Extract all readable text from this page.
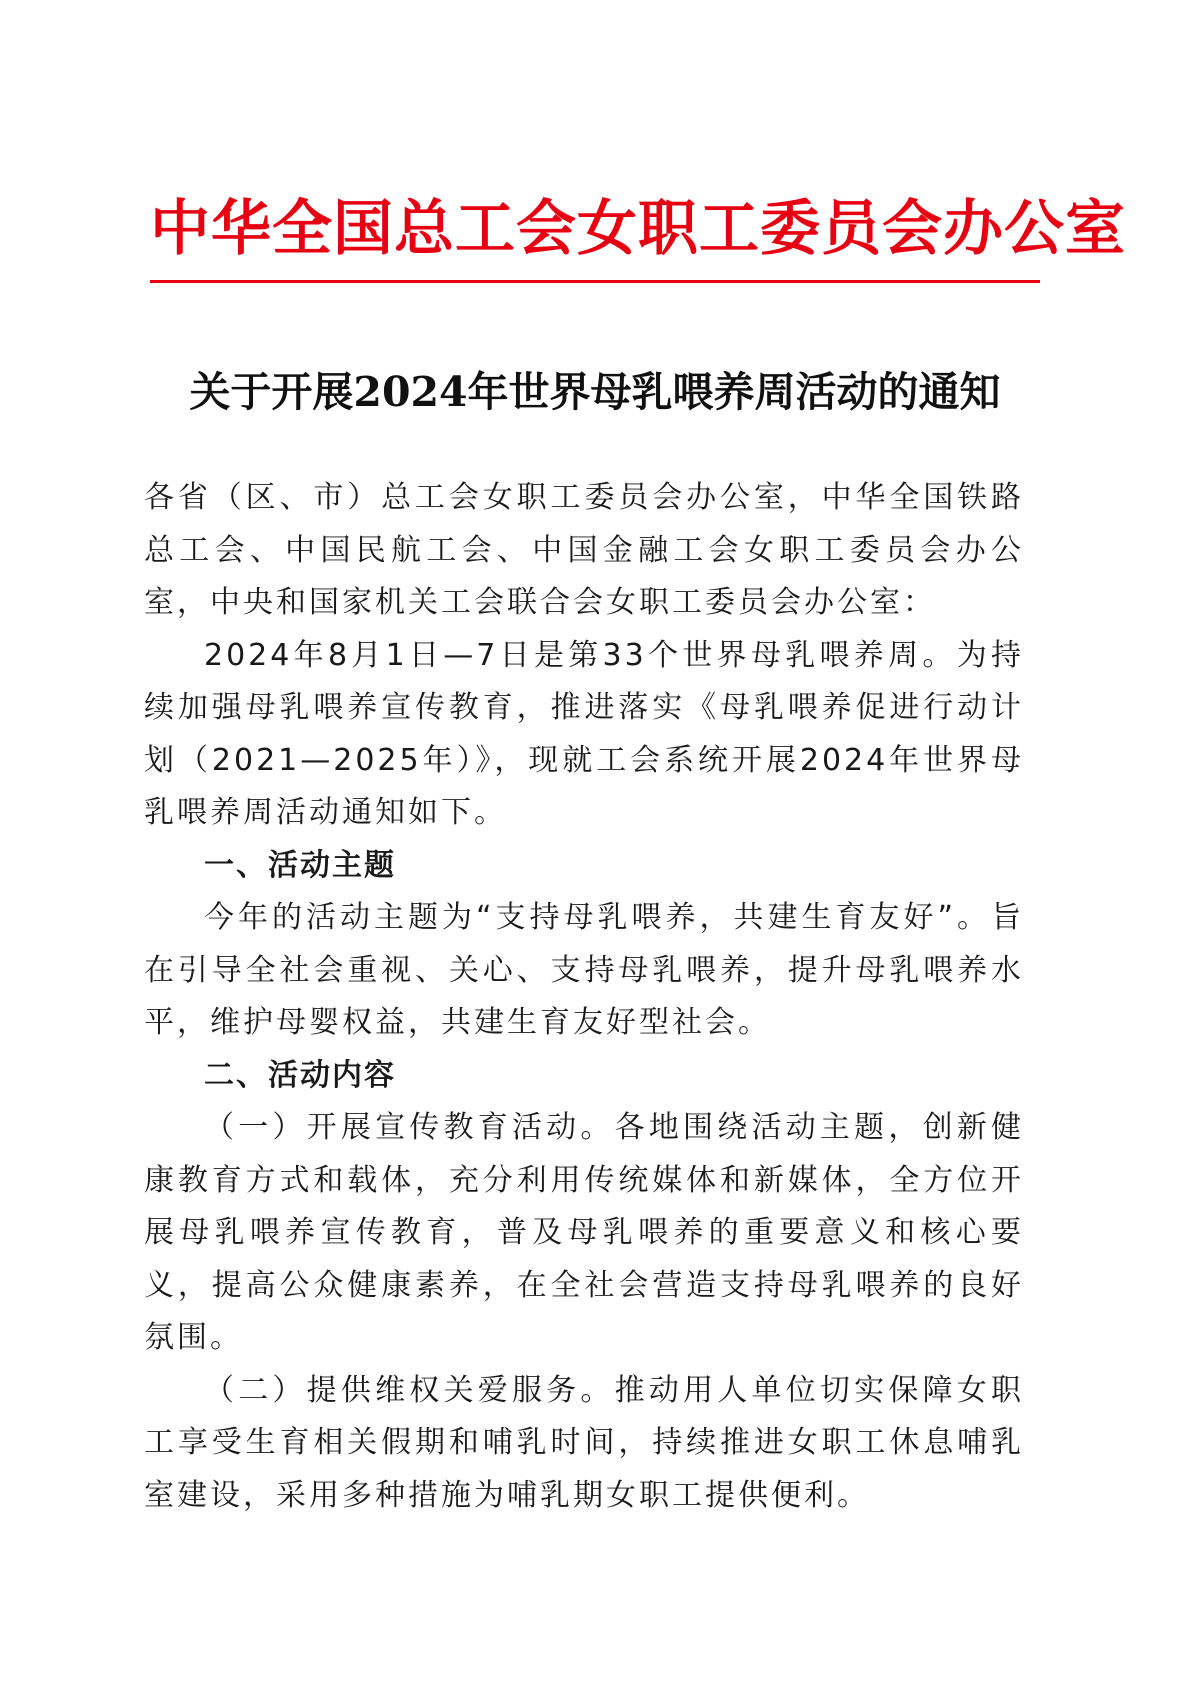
中华全国总工会女职工委员会办公室
关于开展2024年世界母乳喂养周活动的通知

各省（区、市）总工会女职工委员会办公室，中华全国铁路总工会、中国民航工会、中国金融工会女职工委员会办公室，中央和国家机关工会联合会女职工委员会办公室：

2024年8月1日—7日是第33个世界母乳喂养周。为持续加强母乳喂养宣传教育，推进落实《母乳喂养促进行动计划（2021—2025年）》，现就工会系统开展2024年世界母乳喂养周活动通知如下。

一、活动主题

今年的活动主题为“支持母乳喂养，共建生育友好”。旨在引导全社会重视、关心、支持母乳喂养，提升母乳喂养水平，维护母婴权益，共建生育友好型社会。

二、活动内容

（一）开展宣传教育活动。各地围绕活动主题，创新健康教育方式和载体，充分利用传统媒体和新媒体，全方位开展母乳喂养宣传教育，普及母乳喂养的重要意义和核心要义，提高公众健康素养，在全社会营造支持母乳喂养的良好氛围。

（二）提供维权关爱服务。推动用人单位切实保障女职工享受生育相关假期和哺乳时间，持续推进女职工休息哺乳室建设，采用多种措施为哺乳期女职工提供便利。
